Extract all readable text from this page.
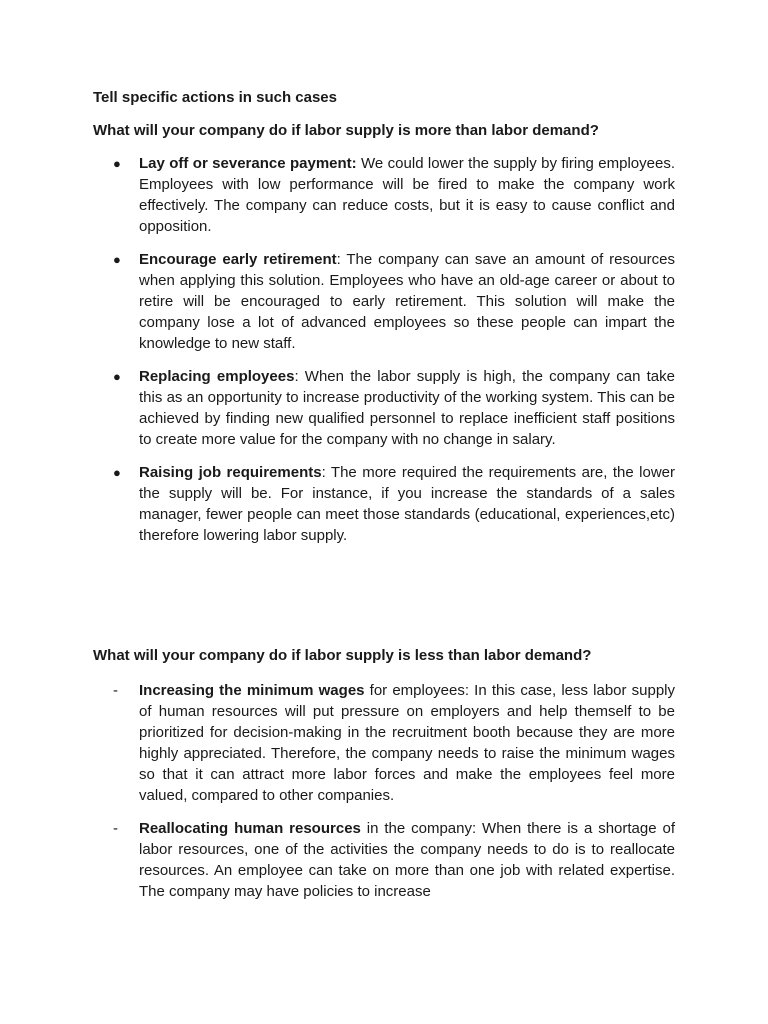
Tell specific actions in such cases

What will your company do if labor supply is more than labor demand?

● Lay off or severance payment: We could lower the supply by firing employees. Employees with low performance will be fired to make the company work effectively. The company can reduce costs, but it is easy to cause conflict and opposition.
● Encourage early retirement: The company can save an amount of resources when applying this solution. Employees who have an old-age career or about to retire will be encouraged to early retirement. This solution will make the company lose a lot of advanced employees so these people can impart the knowledge to new staff.
● Replacing employees: When the labor supply is high, the company can take this as an opportunity to increase productivity of the working system. This can be achieved by finding new qualified personnel to replace inefficient staff positions to create more value for the company with no change in salary.
● Raising job requirements: The more required the requirements are, the lower the supply will be. For instance, if you increase the standards of a sales manager, fewer people can meet those standards (educational, experiences,etc) therefore lowering labor supply.

What will your company do if labor supply is less than labor demand?

- Increasing the minimum wages for employees: In this case, less labor supply of human resources will put pressure on employers and help themself to be prioritized for decision-making in the recruitment booth because they are more highly appreciated. Therefore, the company needs to raise the minimum wages so that it can attract more labor forces and make the employees feel more valued, compared to other companies.
- Reallocating human resources in the company: When there is a shortage of labor resources, one of the activities the company needs to do is to reallocate resources. An employee can take on more than one job with related expertise. The company may have policies to increase
